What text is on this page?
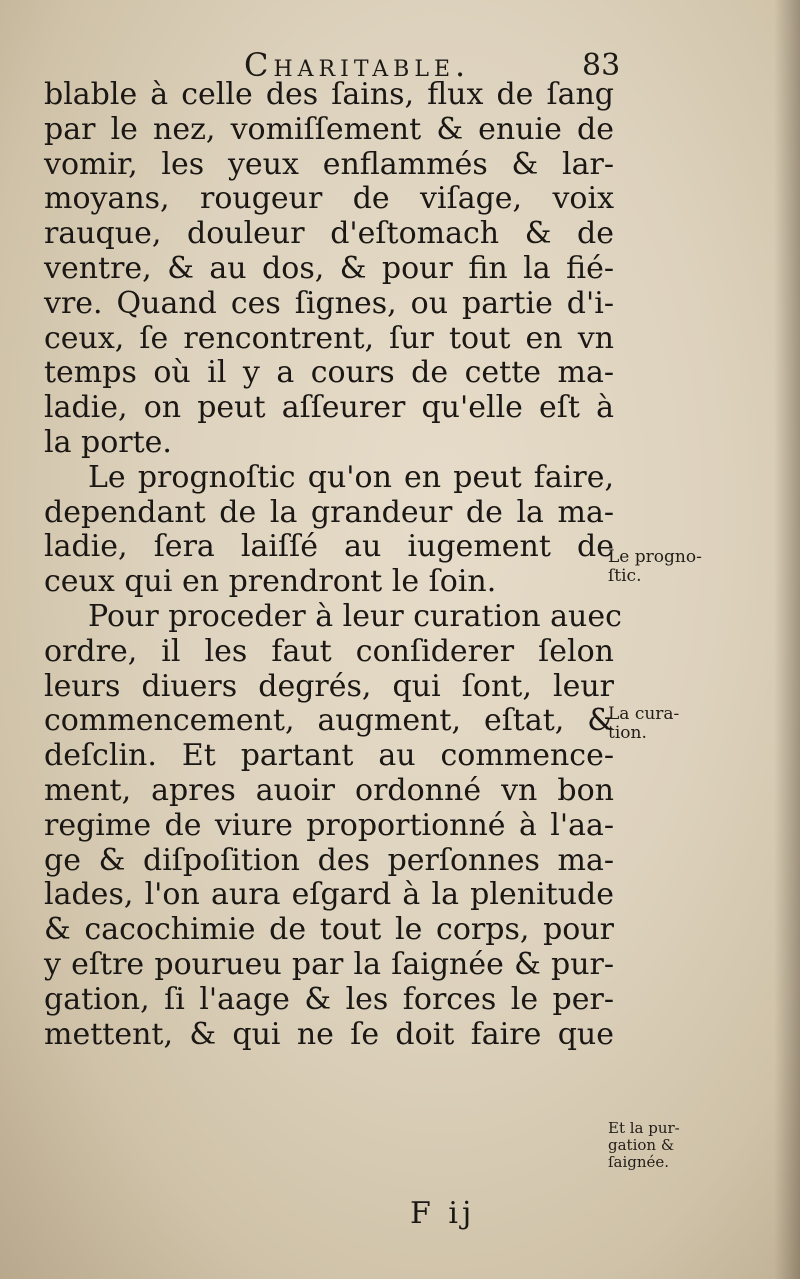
Charitable.	83
blable à celle des ſains, flux de ſang
par le nez, vomiſſement & enuie de
vomir, les yeux enflammés & lar-
moyans, rougeur de viſage, voix
rauque, douleur d'eſtomach & de
ventre, & au dos, & pour fin la fié-
vre. Quand ces ſignes, ou partie d'i-
ceux, ſe rencontrent, ſur tout en vn
temps où il y a cours de cette ma-
ladie, on peut aſſeurer qu'elle eſt à
la porte.
Le prognoſtic qu'on en peut faire,
dependant de la grandeur de la ma-
ladie, ſera laiſſé au iugement de
ceux qui en prendront le ſoin.
Pour proceder à leur curation auec
ordre, il les faut conſiderer ſelon
leurs diuers degrés, qui ſont, leur
commencement, augment, eſtat, &
deſclin. Et partant au commence-
ment, apres auoir ordonné vn bon
regime de viure proportionné à l'aa-
ge & diſpoſition des perſonnes ma-
lades, l'on aura eſgard à la plenitude
& cacochimie de tout le corps, pour
y eſtre pourueu par la ſaignée & pur-
gation, ſi l'aage & les forces le per-
mettent, & qui ne ſe doit faire que
Le progno-
ſtic.
La cura-
tion.
Et la pur-
gation &
ſaignée.
F ij
